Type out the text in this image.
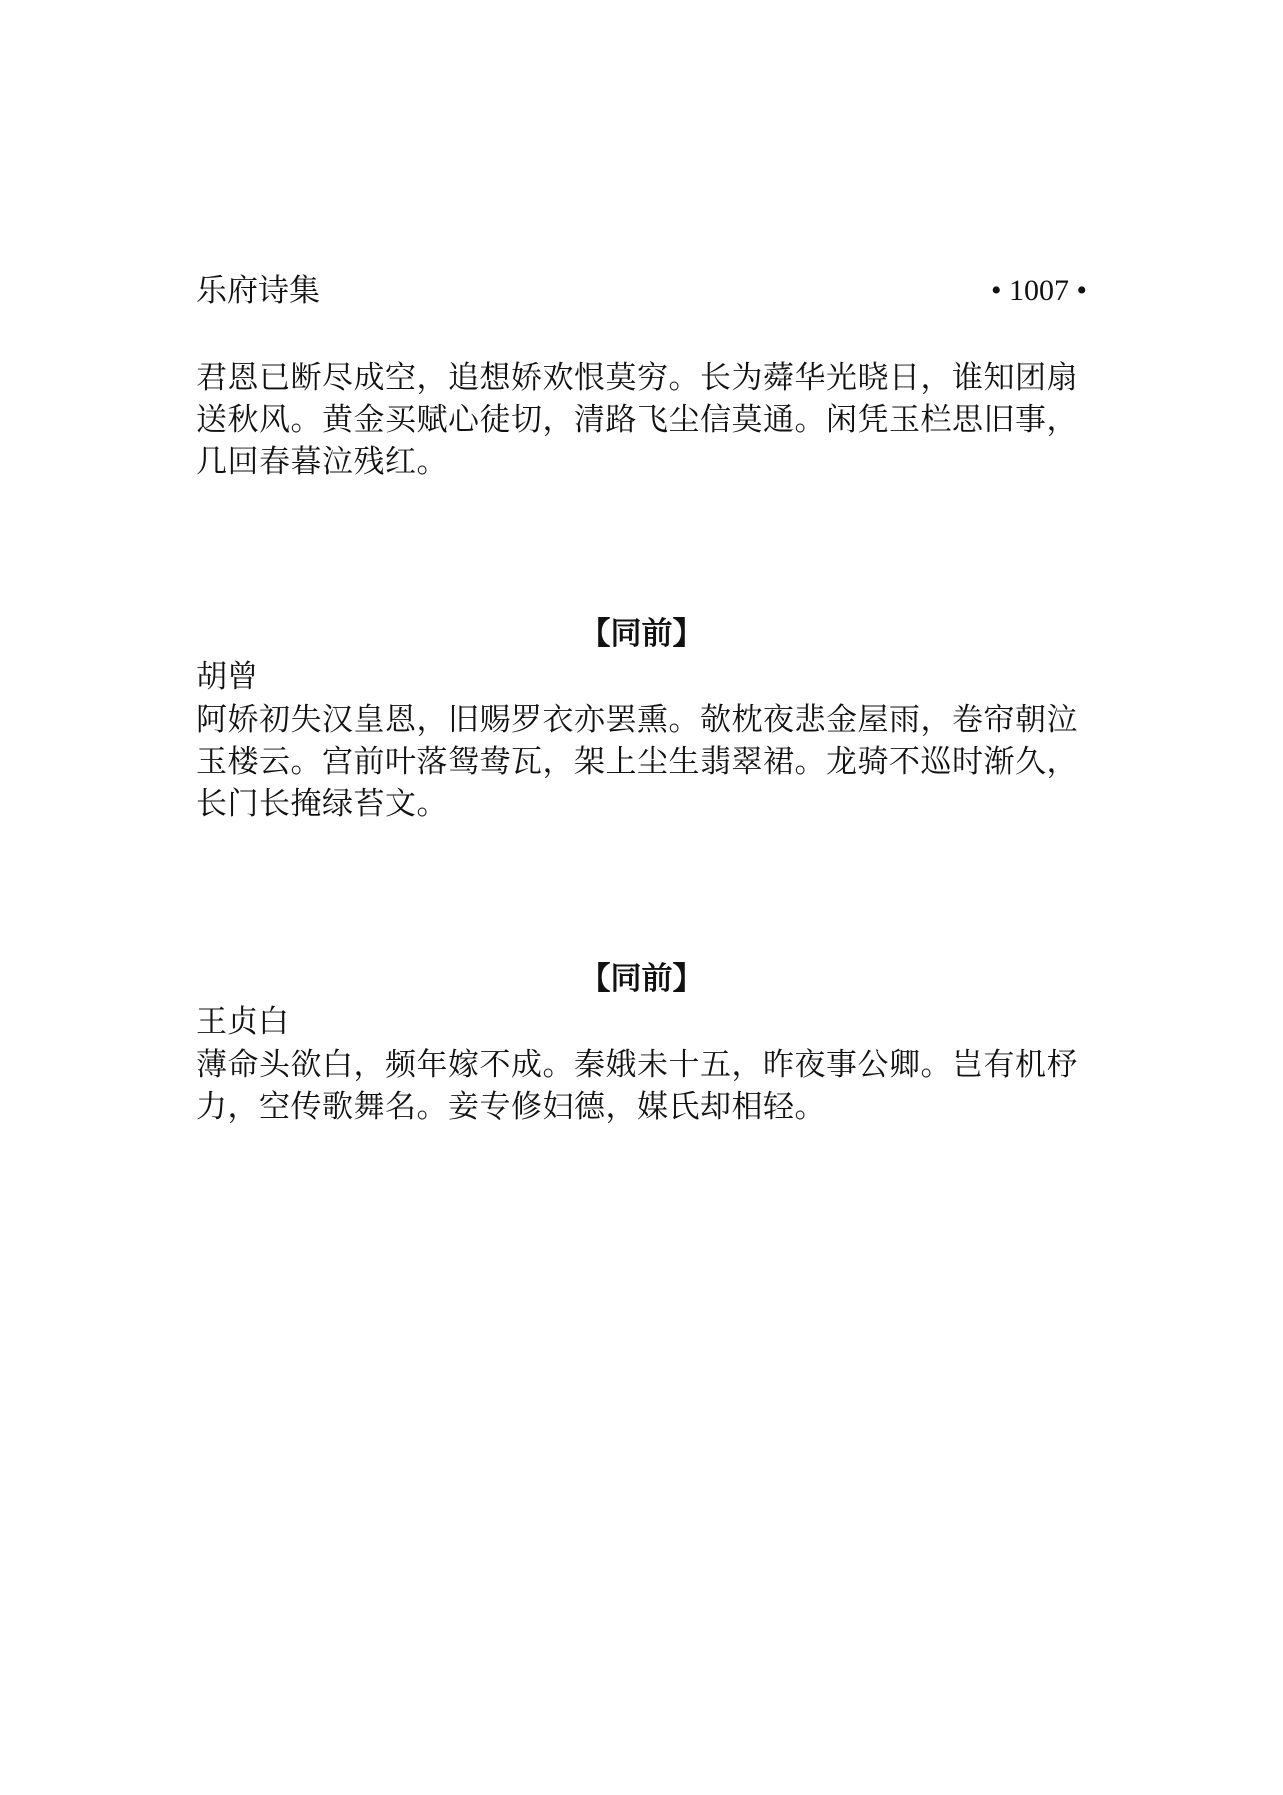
乐府诗集	• 1007 •

君恩已断尽成空，追想娇欢恨莫穷。长为蕣华光晓日，谁知团扇送秋风。黄金买赋心徒切，清路飞尘信莫通。闲凭玉栏思旧事，几回春暮泣残红。

【同前】
胡曾

阿娇初失汉皇恩，旧赐罗衣亦罢熏。欹枕夜悲金屋雨，卷帘朝泣玉楼云。宫前叶落鸳鸯瓦，架上尘生翡翠裙。龙骑不巡时渐久，长门长掩绿苔文。

【同前】
王贞白

薄命头欲白，频年嫁不成。秦娥未十五，昨夜事公卿。岂有机杼力，空传歌舞名。妾专修妇德，媒氏却相轻。
